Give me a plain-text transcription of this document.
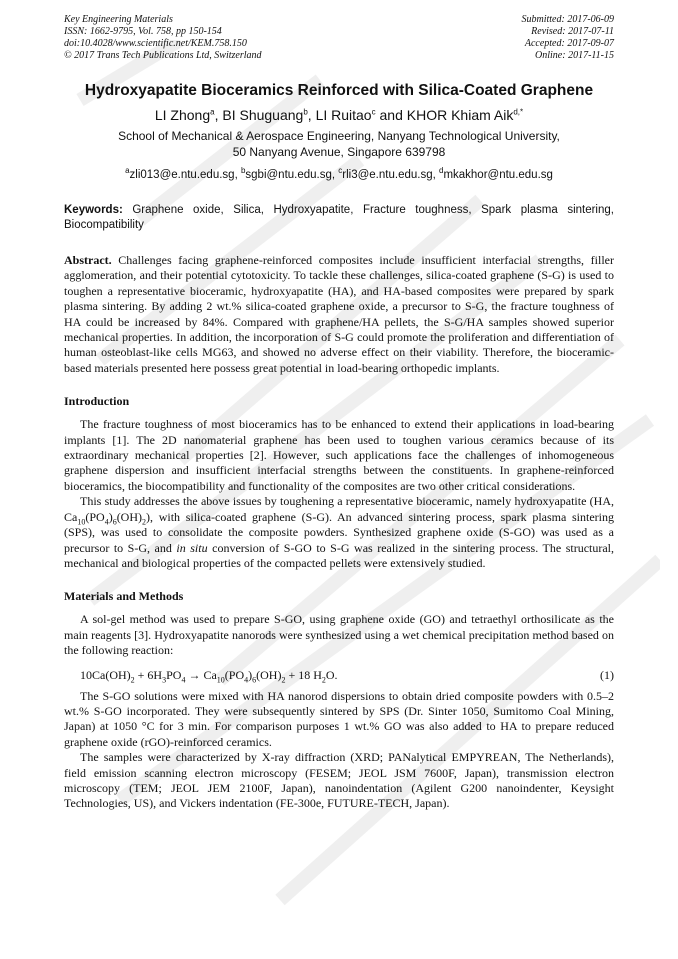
Key Engineering Materials
ISSN: 1662-9795, Vol. 758, pp 150-154
doi:10.4028/www.scientific.net/KEM.758.150
© 2017 Trans Tech Publications Ltd, Switzerland
Submitted: 2017-06-09
Revised: 2017-07-11
Accepted: 2017-09-07
Online: 2017-11-15
Hydroxyapatite Bioceramics Reinforced with Silica-Coated Graphene
LI Zhong$^a$, BI Shuguang$^b$, LI Ruitao$^c$ and KHOR Khiam Aik$^{d,*}$
School of Mechanical & Aerospace Engineering, Nanyang Technological University,
50 Nanyang Avenue, Singapore 639798
$^a$zli013@e.ntu.edu.sg, $^b$sgbi@ntu.edu.sg, $^c$rli3@e.ntu.edu.sg, $^d$mkakhor@ntu.edu.sg
Keywords: Graphene oxide, Silica, Hydroxyapatite, Fracture toughness, Spark plasma sintering, Biocompatibility

Abstract. Challenges facing graphene-reinforced composites include insufficient interfacial strengths, filler agglomeration, and their potential cytotoxicity. To tackle these challenges, silica-coated graphene (S-G) is used to toughen a representative bioceramic, hydroxyapatite (HA), and HA-based composites were prepared by spark plasma sintering. By adding 2 wt.% silica-coated graphene oxide, a precursor to S-G, the fracture toughness of HA could be increased by 84%. Compared with graphene/HA pellets, the S-G/HA samples showed superior mechanical properties. In addition, the incorporation of S-G could promote the proliferation and differentiation of human osteoblast-like cells MG63, and showed no adverse effect on their viability. Therefore, the bioceramic-based materials presented here possess great potential in load-bearing orthopedic implants.

Introduction

The fracture toughness of most bioceramics has to be enhanced to extend their applications in load-bearing implants [1]. The 2D nanomaterial graphene has been used to toughen various ceramics because of its extraordinary mechanical properties [2]. However, such applications face the challenges of inhomogeneous graphene dispersion and insufficient interfacial strengths between the constituents. In graphene-reinforced bioceramics, the biocompatibility and functionality of the composites are two other critical considerations.

This study addresses the above issues by toughening a representative bioceramic, namely hydroxyapatite (HA, $Ca_{10}(PO_4)_6(OH)_2$), with silica-coated graphene (S-G). An advanced sintering process, spark plasma sintering (SPS), was used to consolidate the composite powders. Synthesized graphene oxide (S-GO) was used as a precursor to S-G, and in situ conversion of S-GO to S-G was realized in the sintering process. The structural, mechanical and biological properties of the compacted pellets were extensively studied.

Materials and Methods

A sol-gel method was used to prepare S-GO, using graphene oxide (GO) and tetraethyl orthosilicate as the main reagents [3]. Hydroxyapatite nanorods were synthesized using a wet chemical precipitation method based on the following reaction:

$10Ca(OH)_2 + 6H_3PO_4 \to Ca_{10}(PO_4)_6(OH)_2 + 18$ $H_2O$.	(1)

The S-GO solutions were mixed with HA nanorod dispersions to obtain dried composite powders with 0.5–2 wt.% S-GO incorporated. They were subsequently sintered by SPS (Dr. Sinter 1050, Sumitomo Coal Mining, Japan) at 1050 °C for 3 min. For comparison purposes 1 wt.% GO was also added to HA to prepare reduced graphene oxide (rGO)-reinforced ceramics.

The samples were characterized by X-ray diffraction (XRD; PANalytical EMPYREAN, The Netherlands), field emission scanning electron microscopy (FESEM; JEOL JSM 7600F, Japan), transmission electron microscopy (TEM; JEOL JEM 2100F, Japan), nanoindentation (Agilent G200 nanoindenter, Keysight Technologies, US), and Vickers indentation (FE-300e, FUTURE-TECH, Japan).
